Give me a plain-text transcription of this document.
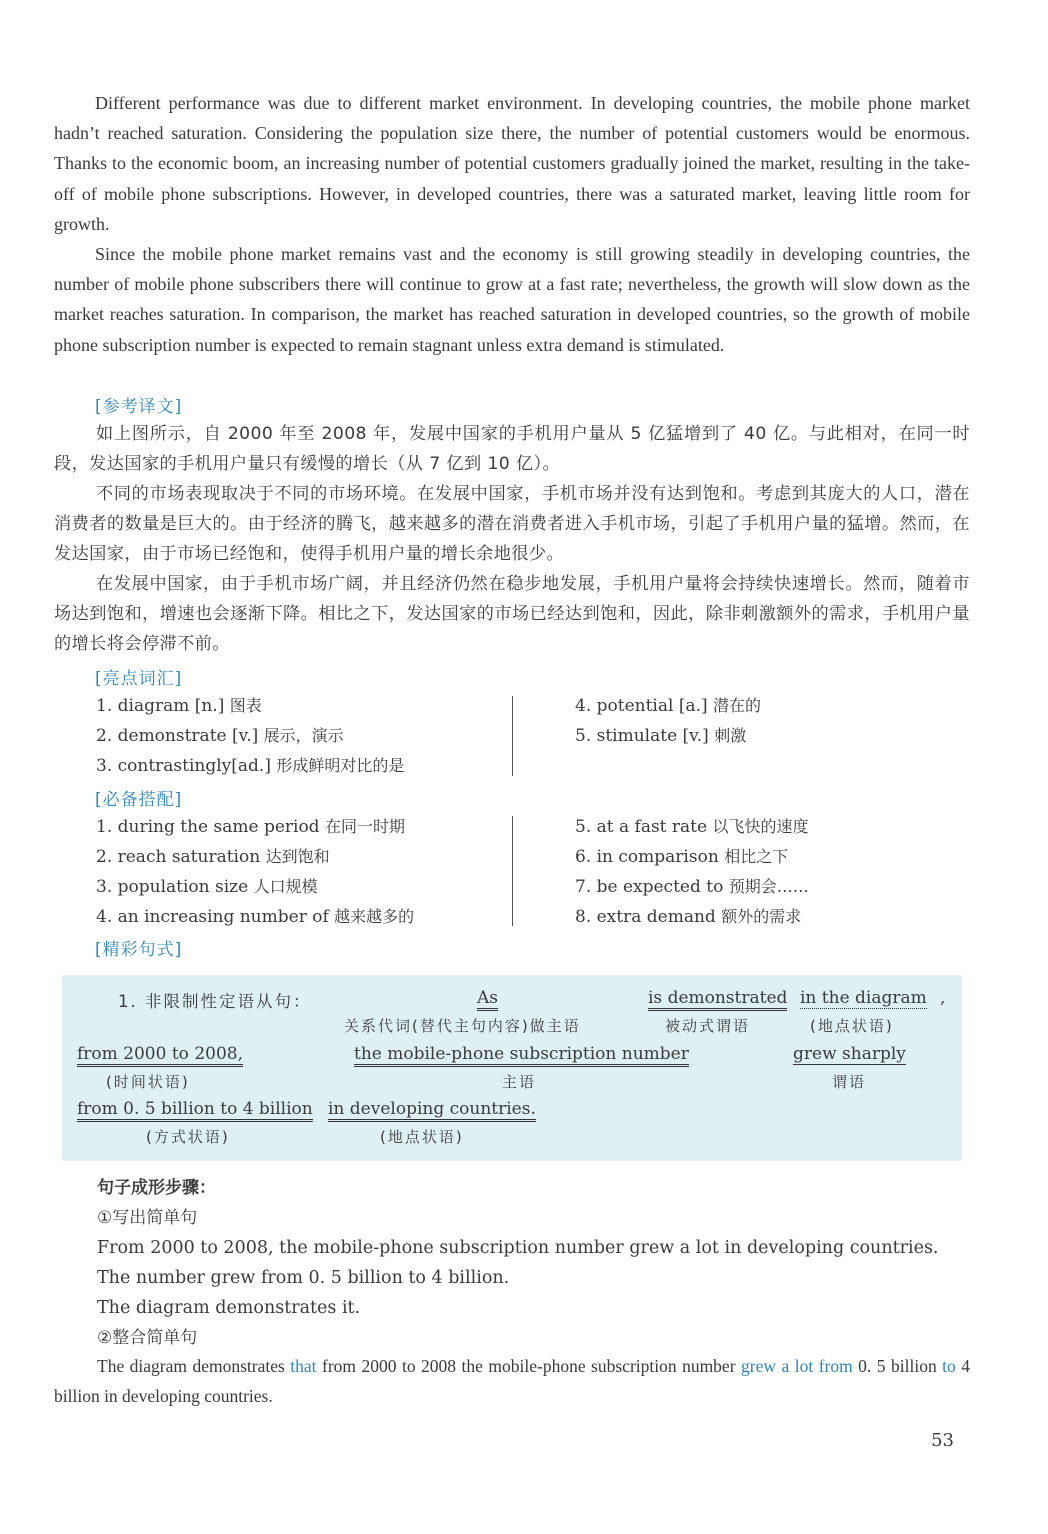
Different performance was due to different market environment. In developing countries, the mobile phone market hadn’t reached saturation. Considering the population size there, the number of potential customers would be enormous. Thanks to the economic boom, an increasing number of potential customers gradually joined the market, resulting in the take-off of mobile phone subscriptions. However, in developed countries, there was a saturated market, leaving little room for growth.

Since the mobile phone market remains vast and the economy is still growing steadily in developing countries, the number of mobile phone subscribers there will continue to grow at a fast rate; nevertheless, the growth will slow down as the market reaches saturation. In comparison, the market has reached saturation in developed countries, so the growth of mobile phone subscription number is expected to remain stagnant unless extra demand is stimulated.

[参考译文]

如上图所示，自 2000 年至 2008 年，发展中国家的手机用户量从 5 亿猛增到了 40 亿。与此相对，在同一时段，发达国家的手机用户量只有缓慢的增长（从 7 亿到 10 亿）。

不同的市场表现取决于不同的市场环境。在发展中国家，手机市场并没有达到饱和。考虑到其庞大的人口，潜在消费者的数量是巨大的。由于经济的腾飞，越来越多的潜在消费者进入手机市场，引起了手机用户量的猛增。然而，在发达国家，由于市场已经饱和，使得手机用户量的增长余地很少。

在发展中国家，由于手机市场广阔，并且经济仍然在稳步地发展，手机用户量将会持续快速增长。然而，随着市场达到饱和，增速也会逐渐下降。相比之下，发达国家的市场已经达到饱和，因此，除非刺激额外的需求，手机用户量的增长将会停滞不前。

[亮点词汇]
1. diagram [n.] 图表
2. demonstrate [v.] 展示，演示
3. contrastingly[ad.] 形成鲜明对比的是
4. potential [a.] 潜在的
5. stimulate [v.] 刺激
[必备搭配]
1. during the same period 在同一时期
2. reach saturation 达到饱和
3. population size 人口规模
4. an increasing number of 越来越多的
5. at a fast rate 以飞快的速度
6. in comparison 相比之下
7. be expected to 预期会……
8. extra demand 额外的需求
[精彩句式]
1. 非限制性定语从句：	As
关系代词(替代主句内容)做主语
is demonstrated
被动式谓语
in the diagram ,
(地点状语)
from 2000 to 2008,
(时间状语)
the mobile-phone subscription number
主语
grew sharply
谓语
from 0. 5 billion to 4 billion
(方式状语)
in developing countries.
(地点状语)
句子成形步骤：
①写出简单句
From 2000 to 2008, the mobile-phone subscription number grew a lot in developing countries.
The number grew from 0. 5 billion to 4 billion.
The diagram demonstrates it.
②整合简单句

The diagram demonstrates that from 2000 to 2008 the mobile-phone subscription number grew a lot from 0. 5 billion to 4 billion in developing countries.

53
